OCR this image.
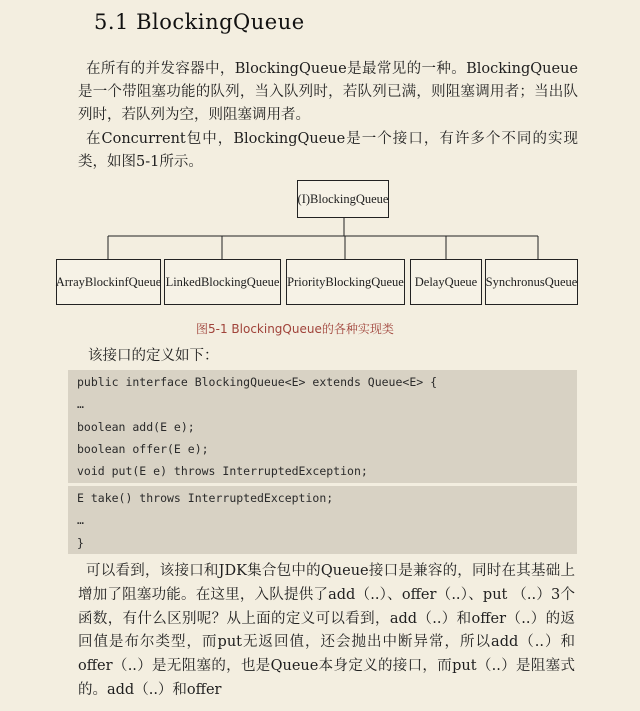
5.1 BlockingQueue

在所有的并发容器中，BlockingQueue是最常见的一种。BlockingQueue是一个带阻塞功能的队列，当入队列时，若队列已满，则阻塞调用者；当出队列时，若队列为空，则阻塞调用者。

在Concurrent包中，BlockingQueue是一个接口，有许多个不同的实现类，如图5-1所示。

(I)BlockingQueue
ArrayBlockinfQueue LinkedBlockingQueue PriorityBlockingQueue DelayQueue SynchronusQueue
图5-1 BlockingQueue的各种实现类
该接口的定义如下：
public interface BlockingQueue<E> extends Queue<E> {
…
boolean add(E e);
boolean offer(E e);
void put(E e) throws InterruptedException;
E take() throws InterruptedException;
…
}

可以看到，该接口和JDK集合包中的Queue接口是兼容的，同时在其基础上增加了阻塞功能。在这里，入队提供了add（..）、offer（..）、put （..）3个函数，有什么区别呢？从上面的定义可以看到，add（..）和offer（..）的返回值是布尔类型，而put无返回值，还会抛出中断异常，所以add（..）和offer（..）是无阻塞的，也是Queue本身定义的接口，而put（..）是阻塞式的。add（..）和offer
